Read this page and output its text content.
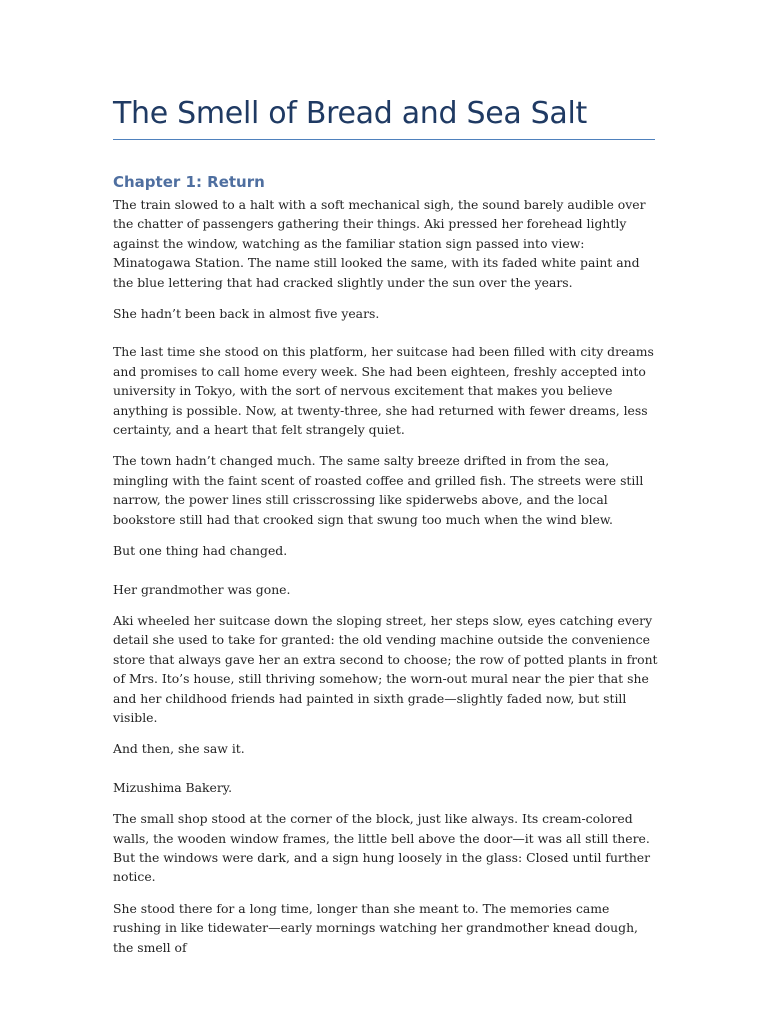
The Smell of Bread and Sea Salt
Chapter 1: Return

The train slowed to a halt with a soft mechanical sigh, the sound barely audible over the chatter of passengers gathering their things. Aki pressed her forehead lightly against the window, watching as the familiar station sign passed into view: Minatogawa Station. The name still looked the same, with its faded white paint and the blue lettering that had cracked slightly under the sun over the years.

She hadn’t been back in almost five years.

The last time she stood on this platform, her suitcase had been filled with city dreams and promises to call home every week. She had been eighteen, freshly accepted into university in Tokyo, with the sort of nervous excitement that makes you believe anything is possible. Now, at twenty-three, she had returned with fewer dreams, less certainty, and a heart that felt strangely quiet.

The town hadn’t changed much. The same salty breeze drifted in from the sea, mingling with the faint scent of roasted coffee and grilled fish. The streets were still narrow, the power lines still crisscrossing like spiderwebs above, and the local bookstore still had that crooked sign that swung too much when the wind blew.

But one thing had changed.

Her grandmother was gone.

Aki wheeled her suitcase down the sloping street, her steps slow, eyes catching every detail she used to take for granted: the old vending machine outside the convenience store that always gave her an extra second to choose; the row of potted plants in front of Mrs. Ito’s house, still thriving somehow; the worn-out mural near the pier that she and her childhood friends had painted in sixth grade—slightly faded now, but still visible.

And then, she saw it.

Mizushima Bakery.

The small shop stood at the corner of the block, just like always. Its cream-colored walls, the wooden window frames, the little bell above the door—it was all still there. But the windows were dark, and a sign hung loosely in the glass: Closed until further notice.

She stood there for a long time, longer than she meant to. The memories came rushing in like tidewater—early mornings watching her grandmother knead dough, the smell of
